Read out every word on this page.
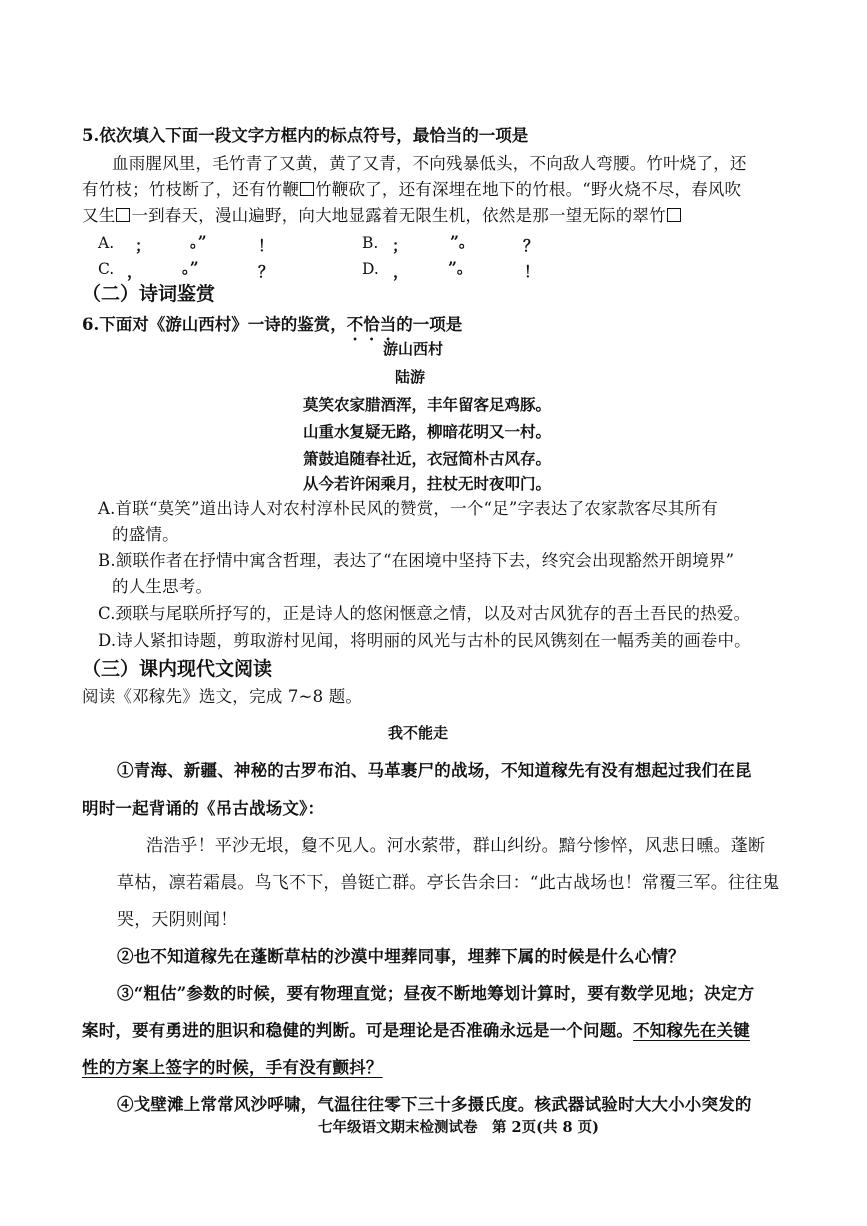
5.依次填入下面一段文字方框内的标点符号，最恰当的一项是
血雨腥风里，毛竹青了又黄，黄了又青，不向残暴低头，不向敌人弯腰。竹叶烧了，还
有竹枝；竹枝断了，还有竹鞭 竹鞭砍了，还有深埋在地下的竹根。“野火烧不尽，春风吹
又生 一到春天，漫山遍野，向大地显露着无限生机，依然是那一望无际的翠竹
A. ；	。”	！	B. ；	”。	？
C. ，	。”	？	D. ，	”。	！
（二）诗词鉴赏
6.下面对《游山西村》一诗的鉴赏，不恰当的一项是
游山西村
陆游
莫笑农家腊酒浑，丰年留客足鸡豚。
山重水复疑无路，柳暗花明又一村。
箫鼓追随春社近，衣冠简朴古风存。
从今若许闲乘月，拄杖无时夜叩门。
A.首联“莫笑”道出诗人对农村淳朴民风的赞赏，一个“足”字表达了农家款客尽其所有
的盛情。
B.颔联作者在抒情中寓含哲理，表达了“在困境中坚持下去，终究会出现豁然开朗境界”
的人生思考。
C.颈联与尾联所抒写的，正是诗人的悠闲惬意之情，以及对古风犹存的吾土吾民的热爱。
D.诗人紧扣诗题，剪取游村见闻，将明丽的风光与古朴的民风镌刻在一幅秀美的画卷中。
（三）课内现代文阅读
阅读《邓稼先》选文，完成 7~8 题。
我不能走
①青海、新疆、神秘的古罗布泊、马革裹尸的战场，不知道稼先有没有想起过我们在昆
明时一起背诵的《吊古战场文》：
浩浩乎！平沙无垠，敻不见人。河水萦带，群山纠纷。黯兮惨悴，风悲日曛。蓬断
草枯，凛若霜晨。鸟飞不下，兽铤亡群。亭长告余曰：“此古战场也！常覆三军。往往鬼
哭，天阴则闻！
②也不知道稼先在蓬断草枯的沙漠中埋葬同事，埋葬下属的时候是什么心情？
③“粗估”参数的时候，要有物理直觉；昼夜不断地筹划计算时，要有数学见地；决定方
案时，要有勇进的胆识和稳健的判断。可是理论是否准确永远是一个问题。不知稼先在关键
性的方案上签字的时候，手有没有颤抖？
④戈壁滩上常常风沙呼啸，气温往往零下三十多摄氏度。核武器试验时大大小小突发的
七年级语文期末检测试卷　第 2页(共 8 页)
